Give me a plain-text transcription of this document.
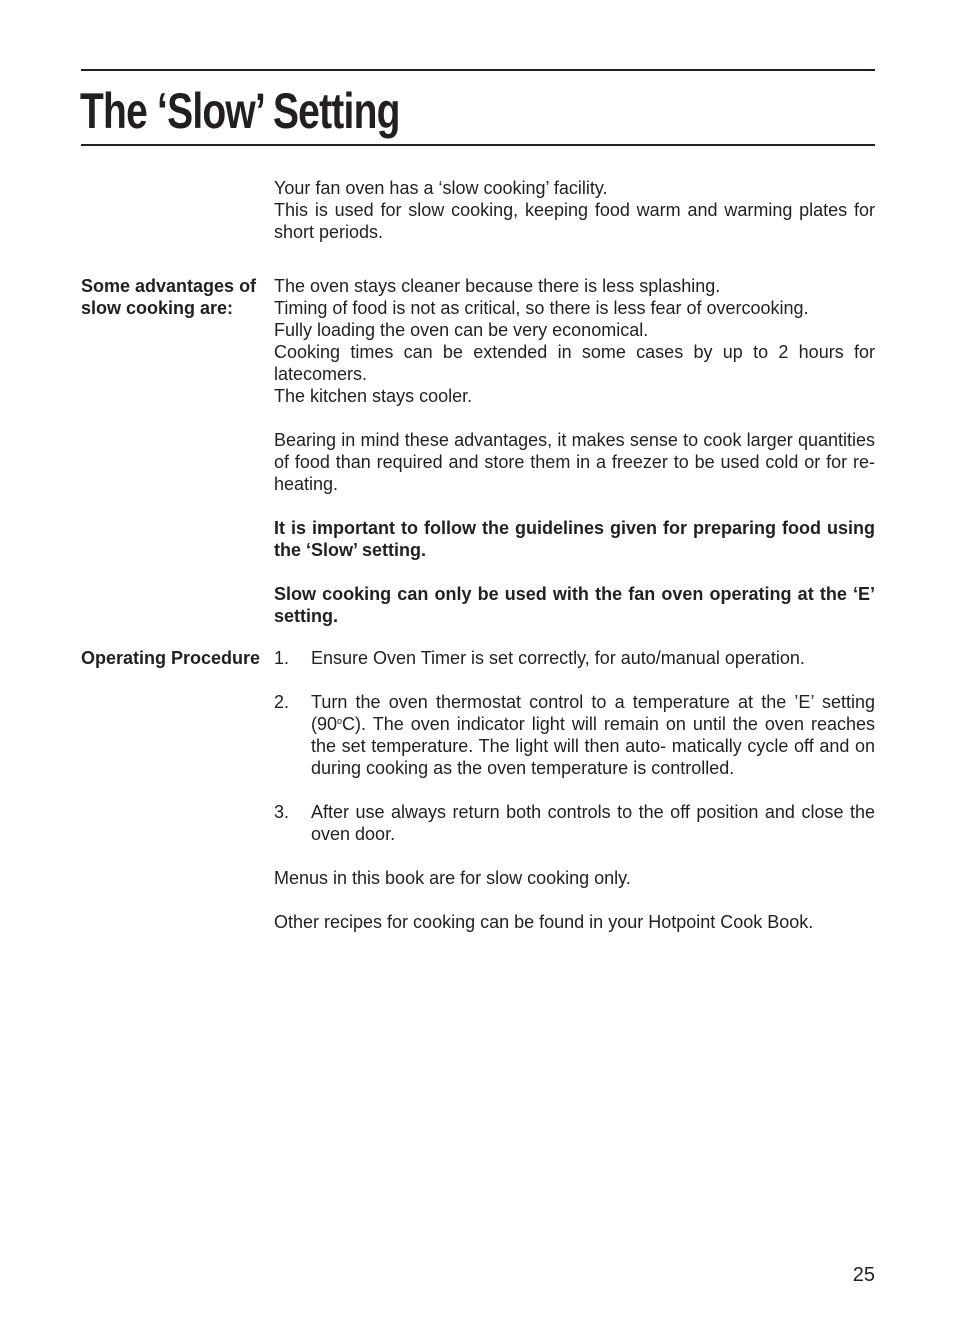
The ‘Slow’ Setting

Your fan oven has a ‘slow cooking’ facility.

This is used for slow cooking, keeping food warm and warming plates for short periods.

Some advantages of slow cooking are:

The oven stays cleaner because there is less splashing.

Timing of food is not as critical, so there is less fear of overcooking.

Fully loading the oven can be very economical.

Cooking times can be extended in some cases by up to 2 hours for latecomers.

The kitchen stays cooler.

Bearing in mind these advantages, it makes sense to cook larger quantities of food than required and store them in a freezer to be used cold or for re-heating.

It is important to follow the guidelines given for preparing food using the ‘Slow’ setting.

Slow cooking can only be used with the fan oven operating at the ‘E’ setting.

Operating Procedure 1.	Ensure Oven Timer is set correctly, for auto/manual operation.
2.	Turn the oven thermostat control to a temperature at the ’E’ setting (90$^o$C). The oven indicator light will remain on until the oven reaches the set temperature. The light will then auto- matically cycle off and on during cooking as the oven temperature is controlled.
3.	After use always return both controls to the off position and close the oven door.

Menus in this book are for slow cooking only.

Other recipes for cooking can be found in your Hotpoint Cook Book.

25
